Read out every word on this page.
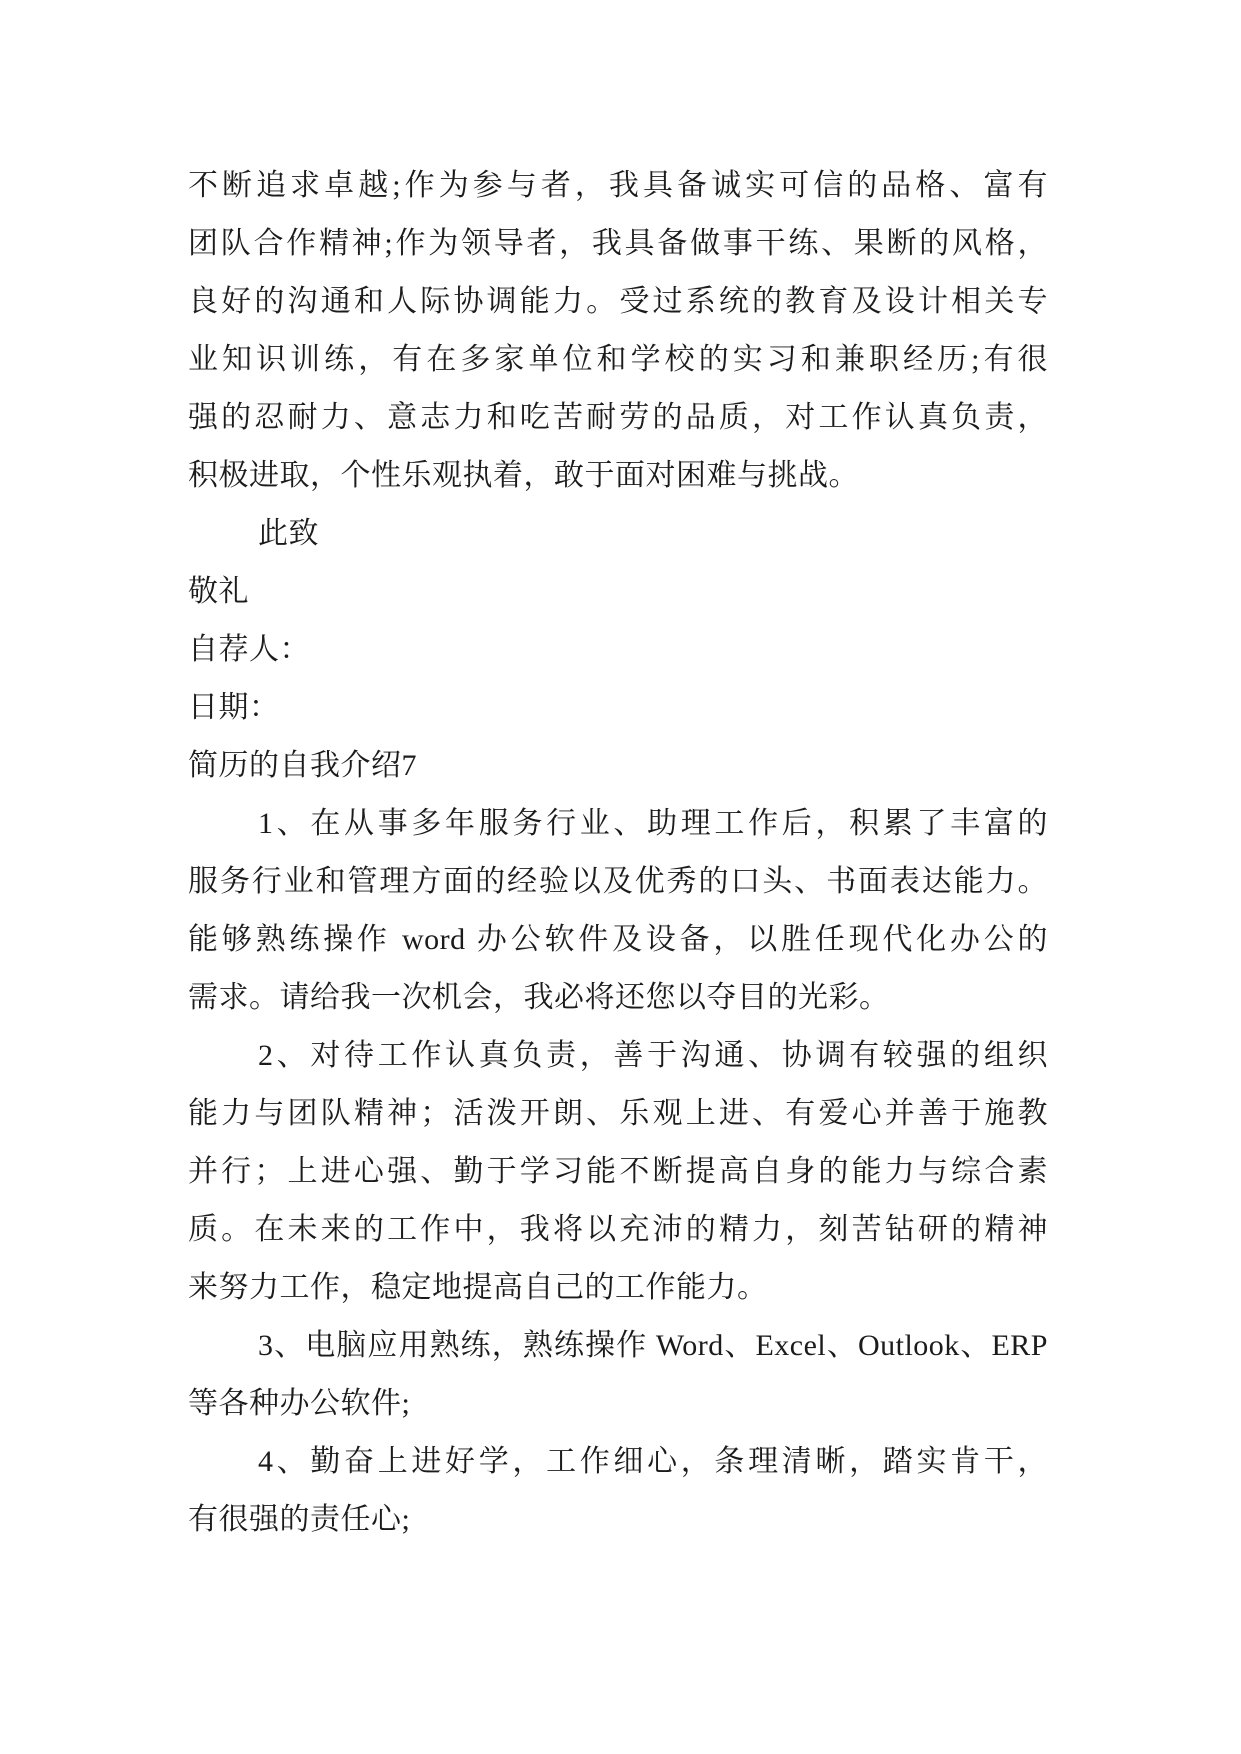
不断追求卓越;作为参与者，我具备诚实可信的品格、富有
团队合作精神;作为领导者，我具备做事干练、果断的风格，
良好的沟通和人际协调能力。受过系统的教育及设计相关专
业知识训练，有在多家单位和学校的实习和兼职经历;有很
强的忍耐力、意志力和吃苦耐劳的品质，对工作认真负责，
积极进取，个性乐观执着，敢于面对困难与挑战。
此致
敬礼
自荐人：
日期：
简历的自我介绍7
1、在从事多年服务行业、助理工作后，积累了丰富的
服务行业和管理方面的经验以及优秀的口头、书面表达能力。
能够熟练操作 word 办公软件及设备，以胜任现代化办公的
需求。请给我一次机会，我必将还您以夺目的光彩。
2、对待工作认真负责，善于沟通、协调有较强的组织
能力与团队精神；活泼开朗、乐观上进、有爱心并善于施教
并行；上进心强、勤于学习能不断提高自身的能力与综合素
质。在未来的工作中，我将以充沛的精力，刻苦钻研的精神
来努力工作，稳定地提高自己的工作能力。
3、电脑应用熟练，熟练操作 Word、Excel、Outlook、ERP
等各种办公软件;
4、勤奋上进好学，工作细心，条理清晰，踏实肯干，
有很强的责任心;
